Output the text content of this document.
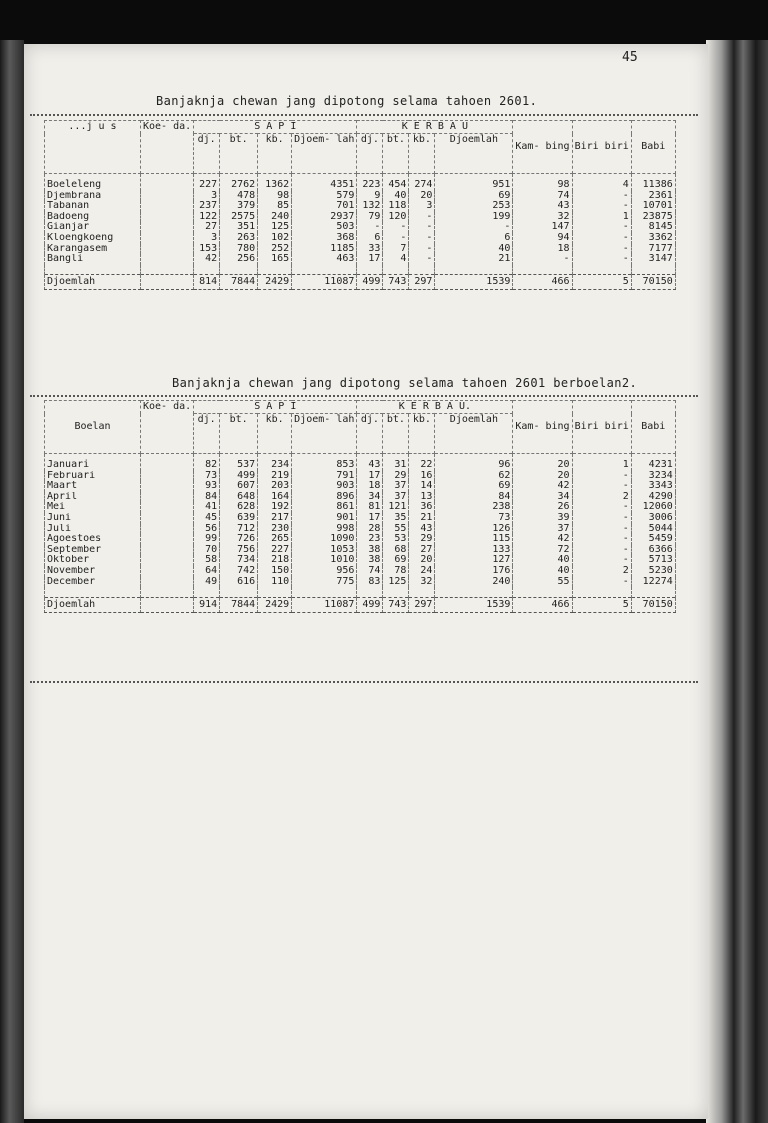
45
Banjaknja chewan jang dipotong selama tahoen 2601.
...j u s	Koe- da.	S A P I				K E R B A U				Kam- bing	Biri biri	Babi
		dj.	bt.	kb.	Djoem- lah	dj.	bt.	kb.	Djoemlah			
Boeleleng		227	2762	1362	4351	223	454	274	951	98	4	11386
Djembrana		3	478	98	579	9	40	20	69	74	-	2361
Tabanan		237	379	85	701	132	118	3	253	43	-	10701
Badoeng		122	2575	240	2937	79	120	-	199	32	1	23875
Gianjar		27	351	125	503	-	-	-	-	147	-	8145
Kloengkoeng		3	263	102	368	6	-	-	6	94	-	3362
Karangasem		153	780	252	1185	33	7	-	40	18	-	7177
Bangli		42	256	165	463	17	4	-	21	-	-	3147

Djoemlah		814	7844	2429	11087	499	743	297	1539	466	5	70150
Banjaknja chewan jang dipotong selama tahoen 2601 berboelan2.
Boelan	Koe- da.	S A P I				K E R B A U.				Kam- bing	Biri biri	Babi
		dj.	bt.	kb.	Djoem- lah	dj.	bt.	kb.	Djoemlah			
Januari		82	537	234	853	43	31	22	96	20	1	4231
Februari		73	499	219	791	17	29	16	62	20	-	3234
Maart		93	607	203	903	18	37	14	69	42	-	3343
April		84	648	164	896	34	37	13	84	34	2	4290
Mei		41	628	192	861	81	121	36	238	26	-	12060
Juni		45	639	217	901	17	35	21	73	39	-	3006
Juli		56	712	230	998	28	55	43	126	37	-	5044
Agoestoes		99	726	265	1090	23	53	29	115	42	-	5459
September		70	756	227	1053	38	68	27	133	72	-	6366
Oktober		58	734	218	1010	38	69	20	127	40	-	5713
November		64	742	150	956	74	78	24	176	40	2	5230
December		49	616	110	775	83	125	32	240	55	-	12274

Djoemlah		914	7844	2429	11087	499	743	297	1539	466	5	70150
